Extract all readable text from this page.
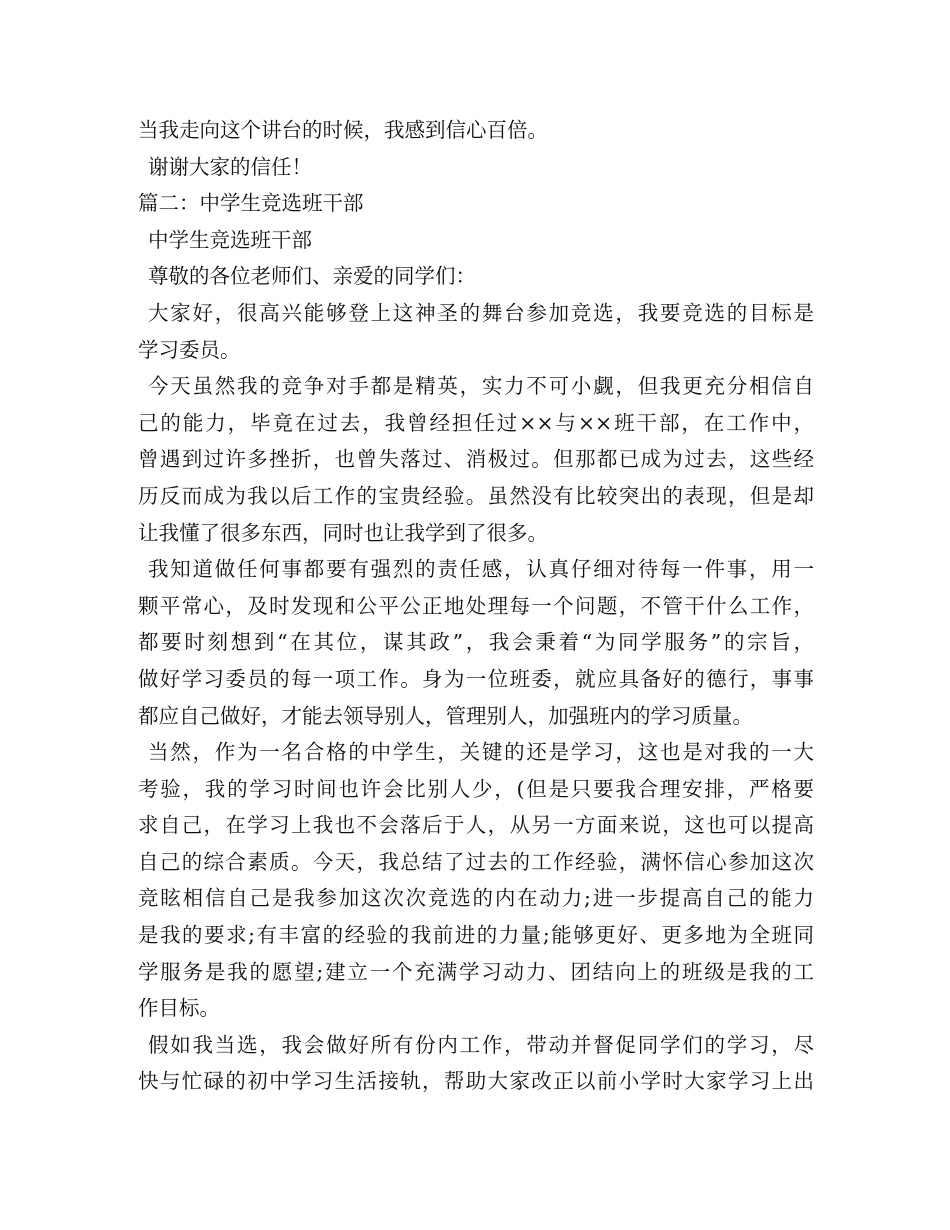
当我走向这个讲台的时候，我感到信心百倍。
谢谢大家的信任！
篇二：中学生竞选班干部
中学生竞选班干部
尊敬的各位老师们、亲爱的同学们：
大家好，很高兴能够登上这神圣的舞台参加竞选，我要竞选的目标是
学习委员。
今天虽然我的竞争对手都是精英，实力不可小觑，但我更充分相信自
己的能力，毕竟在过去，我曾经担任过××与××班干部，在工作中，
曾遇到过许多挫折，也曾失落过、消极过。但那都已成为过去，这些经
历反而成为我以后工作的宝贵经验。虽然没有比较突出的表现，但是却
让我懂了很多东西，同时也让我学到了很多。
我知道做任何事都要有强烈的责任感，认真仔细对待每一件事，用一
颗平常心，及时发现和公平公正地处理每一个问题，不管干什么工作，
都要时刻想到“在其位，谋其政”，我会秉着“为同学服务”的宗旨，
做好学习委员的每一项工作。身为一位班委，就应具备好的德行，事事
都应自己做好，才能去领导别人，管理别人，加强班内的学习质量。
当然，作为一名合格的中学生，关键的还是学习，这也是对我的一大
考验，我的学习时间也许会比别人少，(但是只要我合理安排，严格要
求自己，在学习上我也不会落后于人，从另一方面来说，这也可以提高
自己的综合素质。今天，我总结了过去的工作经验，满怀信心参加这次
竞眩相信自己是我参加这次次竞选的内在动力;进一步提高自己的能力
是我的要求;有丰富的经验的我前进的力量;能够更好、更多地为全班同
学服务是我的愿望;建立一个充满学习动力、团结向上的班级是我的工
作目标。
假如我当选，我会做好所有份内工作，带动并督促同学们的学习，尽
快与忙碌的初中学习生活接轨，帮助大家改正以前小学时大家学习上出
